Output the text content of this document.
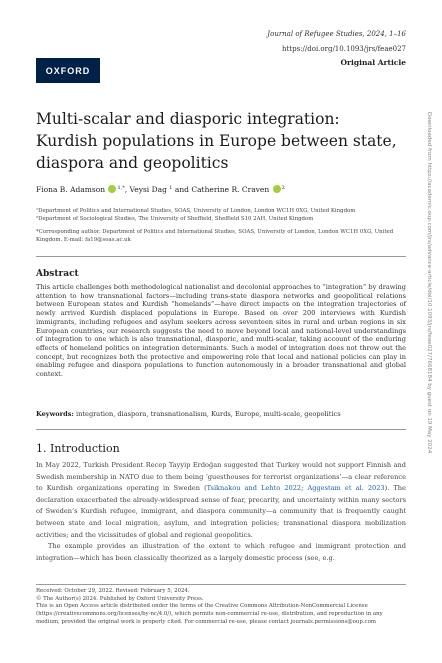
Journal of Refugee Studies, 2024, 1–16
https://doi.org/10.1093/jrs/feae027
Original Article
OXFORD
Multi-scalar and diasporic integration: Kurdish populations in Europe between state, diaspora and geopolitics
Fiona B. Adamson $^{1,*}$, Veysi Dag $^1$ and Catherine R. Craven $^2$
¹Department of Politics and International Studies, SOAS, University of London, London WC1H 0XG, United Kingdom
²Department of Sociological Studies, The University of Sheffield, Sheffield S10 2AH, United Kingdom
*Corresponding author. Department of Politics and International Studies, SOAS, University of London, London WC1H 0XG, United Kingdom. E-mail: fa19@soas.ac.uk
Abstract
This article challenges both methodological nationalist and decolonial approaches to “integration” by drawing attention to how transnational factors—including trans-state diaspora networks and geopolitical relations between European states and Kurdish “homelands”—have direct impacts on the integration trajectories of newly arrived Kurdish displaced populations in Europe. Based on over 200 interviews with Kurdish immigrants, including refugees and asylum seekers across seventeen sites in rural and urban regions in six European countries, our research suggests the need to move beyond local and national-level understandings of integration to one which is also transnational, diasporic, and multi-scalar, taking account of the enduring effects of homeland politics on integration determinants. Such a model of integration does not throw out the concept, but recognizes both the protective and empowering role that local and national policies can play in enabling refugee and diaspora populations to function autonomously in a broader transnational and global context.
Keywords: integration, diaspora, transnationalism, Kurds, Europe, multi-scale, geopolitics
1. Introduction

In May 2022, Turkish President Recep Tayyip Erdoğan suggested that Turkey would not support Finnish and Swedish membership in NATO due to them being ‘guesthouses for terrorist organizations’—a clear reference to Kurdish organizations operating in Sweden (Tsiknakou and Lehto 2022; Aggestam et al. 2023). The declaration exacerbated the already-widespread sense of fear, precarity, and uncertainty within many sectors of Sweden’s Kurdish refugee, immigrant, and diaspora community—a community that is frequently caught between state and local migration, asylum, and integration policies; transnational diaspora mobilization activities; and the vicissitudes of global and regional geopolitics.

The example provides an illustration of the extent to which refugee and immigrant protection and integration—which has been classically theorized as a largely domestic process (see, e.g.

Received: October 29, 2022. Revised: February 5, 2024.
© The Author(s) 2024. Published by Oxford University Press.
This is an Open Access article distributed under the terms of the Creative Commons Attribution-NonCommercial License (https://creativecommons.org/licenses/by-nc/4.0/), which permits non-commercial re-use, distribution, and reproduction in any medium, provided the original work is properly cited. For commercial re-use, please contact journals.permissions@oup.com
Downloaded from https://academic.oup.com/jrs/advance-article/doi/10.1093/jrs/feae027/7668184 by guest on 19 May 2024
